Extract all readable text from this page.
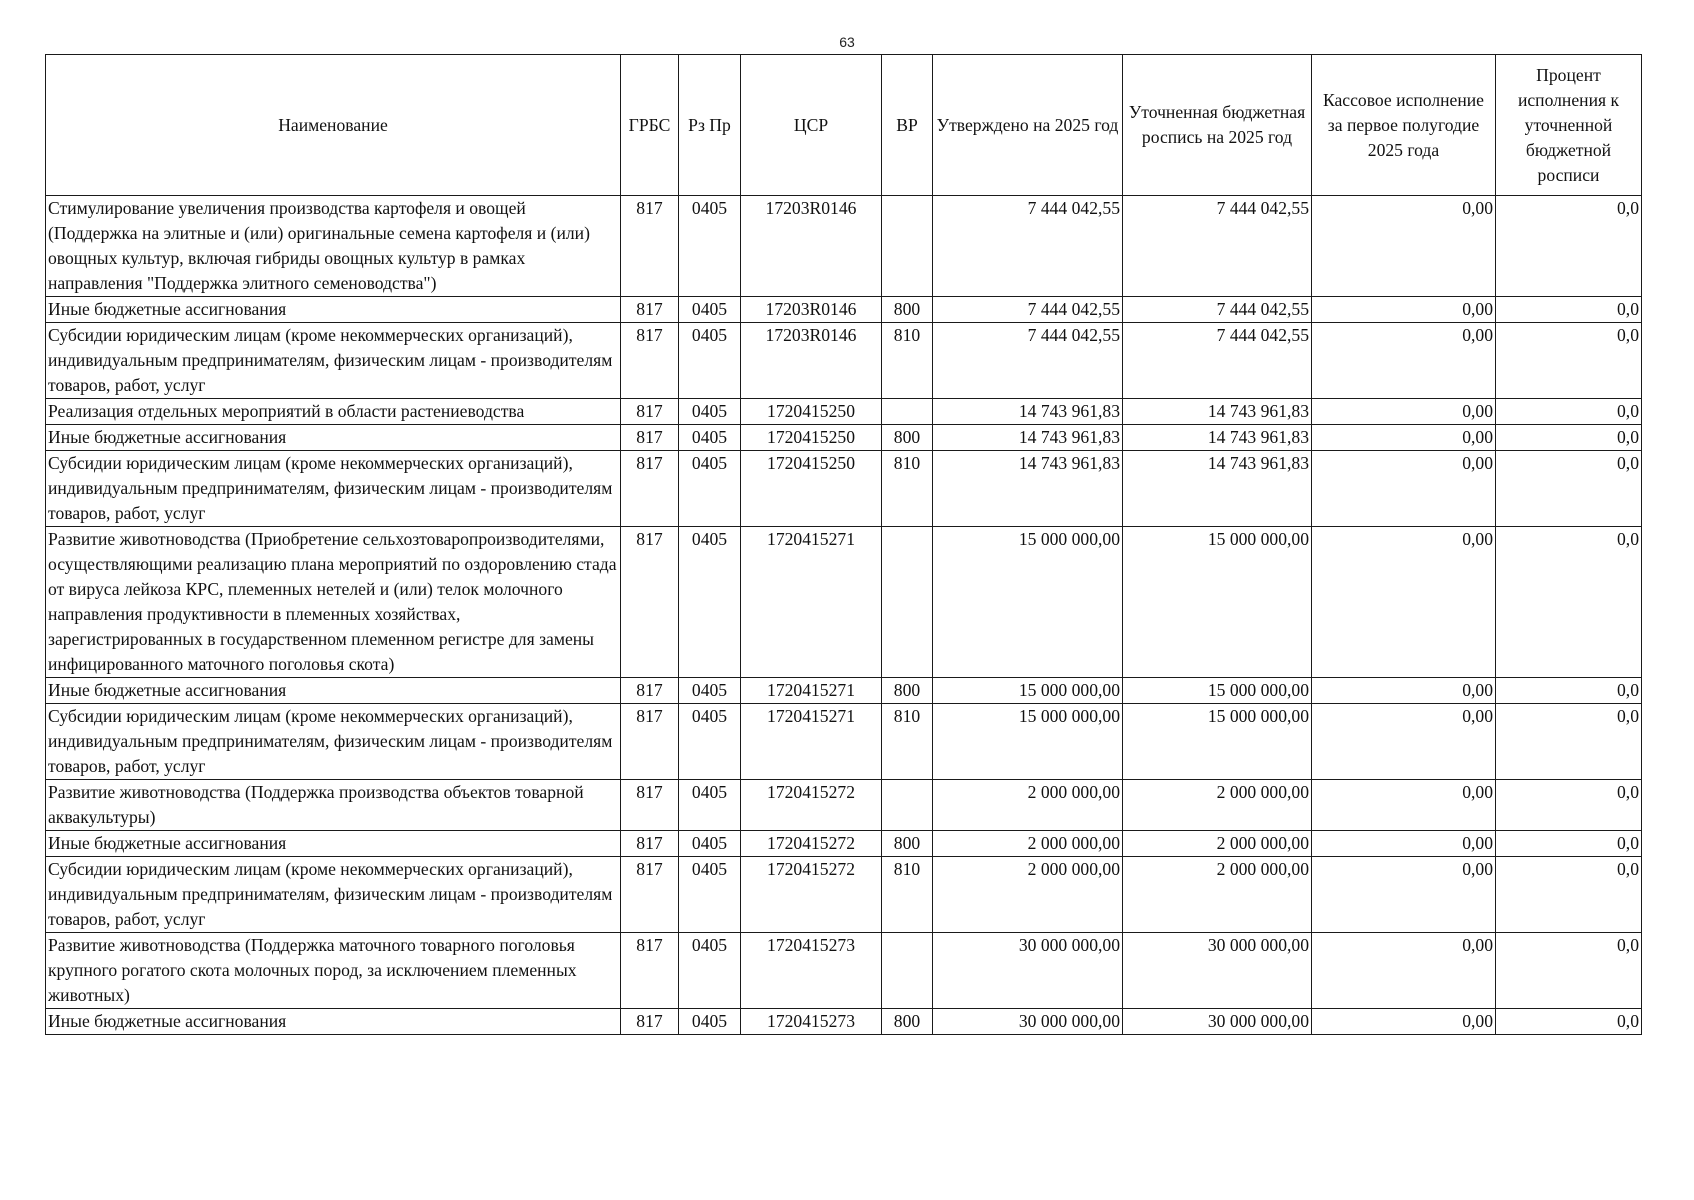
63
Наименование	ГРБС	Рз Пр	ЦСР	ВР	Утверждено на 2025 год	Уточненная бюджетная роспись на 2025 год	Кассовое исполнение за первое полугодие 2025 года	Процент исполнения к уточненной бюджетной росписи
Стимулирование увеличения производства картофеля и овощей (Поддержка на элитные и (или) оригинальные семена картофеля и (или) овощных культур, включая гибриды овощных культур в рамках направления "Поддержка элитного семеноводства")	817	0405	17203R0146		7 444 042,55	7 444 042,55	0,00	0,0
Иные бюджетные ассигнования	817	0405	17203R0146	800	7 444 042,55	7 444 042,55	0,00	0,0
Субсидии юридическим лицам (кроме некоммерческих организаций), индивидуальным предпринимателям, физическим лицам - производителям товаров, работ, услуг	817	0405	17203R0146	810	7 444 042,55	7 444 042,55	0,00	0,0
Реализация отдельных мероприятий в области растениеводства	817	0405	1720415250		14 743 961,83	14 743 961,83	0,00	0,0
Иные бюджетные ассигнования	817	0405	1720415250	800	14 743 961,83	14 743 961,83	0,00	0,0
Субсидии юридическим лицам (кроме некоммерческих организаций), индивидуальным предпринимателям, физическим лицам - производителям товаров, работ, услуг	817	0405	1720415250	810	14 743 961,83	14 743 961,83	0,00	0,0
Развитие животноводства (Приобретение сельхозтоваропроизводителями, осуществляющими реализацию плана мероприятий по оздоровлению стада от вируса лейкоза КРС, племенных нетелей и (или) телок молочного направления продуктивности в племенных хозяйствах, зарегистрированных в государственном племенном регистре для замены инфицированного маточного поголовья скота)	817	0405	1720415271		15 000 000,00	15 000 000,00	0,00	0,0
Иные бюджетные ассигнования	817	0405	1720415271	800	15 000 000,00	15 000 000,00	0,00	0,0
Субсидии юридическим лицам (кроме некоммерческих организаций), индивидуальным предпринимателям, физическим лицам - производителям товаров, работ, услуг	817	0405	1720415271	810	15 000 000,00	15 000 000,00	0,00	0,0
Развитие животноводства (Поддержка производства объектов товарной аквакультуры)	817	0405	1720415272		2 000 000,00	2 000 000,00	0,00	0,0
Иные бюджетные ассигнования	817	0405	1720415272	800	2 000 000,00	2 000 000,00	0,00	0,0
Субсидии юридическим лицам (кроме некоммерческих организаций), индивидуальным предпринимателям, физическим лицам - производителям товаров, работ, услуг	817	0405	1720415272	810	2 000 000,00	2 000 000,00	0,00	0,0
Развитие животноводства (Поддержка маточного товарного поголовья крупного рогатого скота молочных пород, за исключением племенных животных)	817	0405	1720415273		30 000 000,00	30 000 000,00	0,00	0,0
Иные бюджетные ассигнования	817	0405	1720415273	800	30 000 000,00	30 000 000,00	0,00	0,0
